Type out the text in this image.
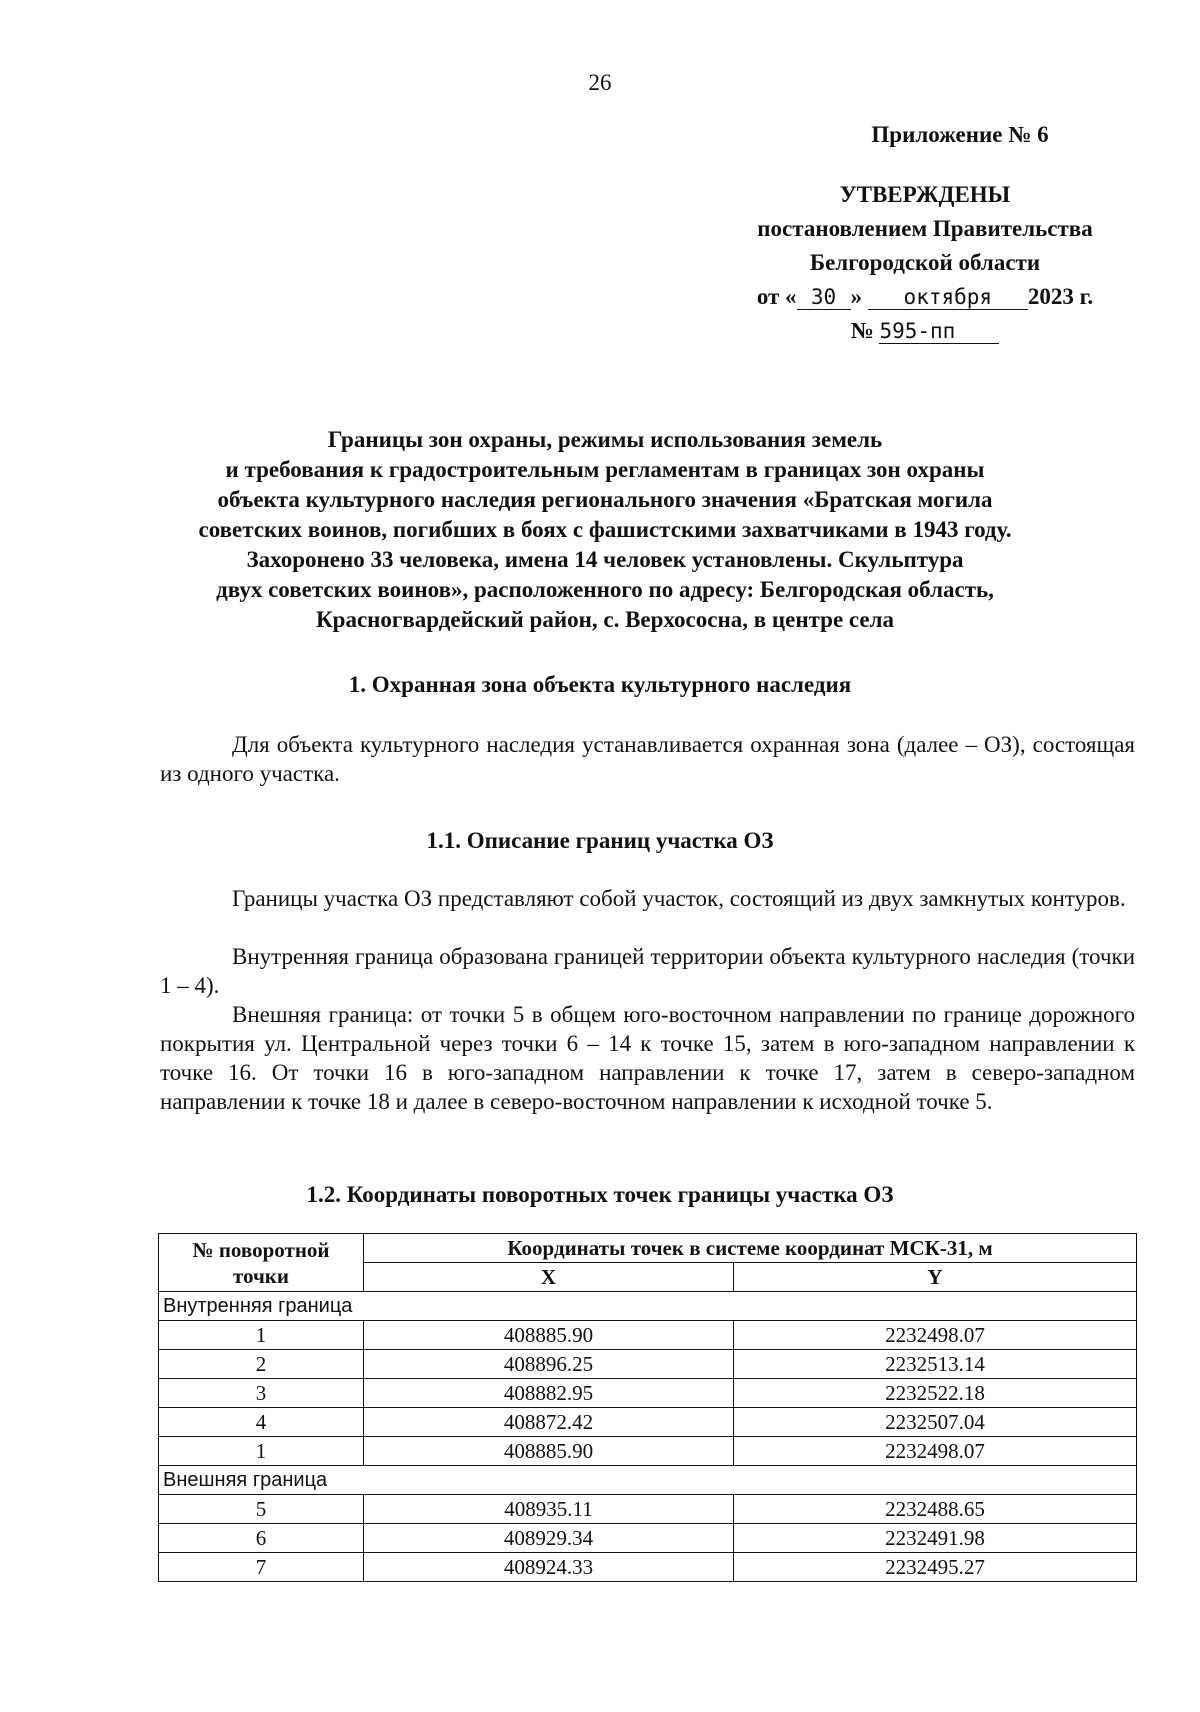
26
Приложение № 6
УТВЕРЖДЕНЫ
постановлением Правительства
Белгородской области
от « 30 » октября 2023 г.
№ 595-пп
Границы зон охраны, режимы использования земель
и требования к градостроительным регламентам в границах зон охраны
объекта культурного наследия регионального значения «Братская могила
советских воинов, погибших в боях с фашистскими захватчиками в 1943 году.
Захоронено 33 человека, имена 14 человек установлены. Скульптура
двух советских воинов», расположенного по адресу: Белгородская область,
Красногвардейский район, с. Верхососна, в центре села
1. Охранная зона объекта культурного наследия

Для объекта культурного наследия устанавливается охранная зона (далее – ОЗ), состоящая из одного участка.

1.1. Описание границ участка ОЗ

Границы участка ОЗ представляют собой участок, состоящий из двух замкнутых контуров.

Внутренняя граница образована границей территории объекта культурного наследия (точки 1 – 4).

Внешняя граница: от точки 5 в общем юго-восточном направлении по границе дорожного покрытия ул. Центральной через точки 6 – 14 к точке 15, затем в юго-западном направлении к точке 16. От точки 16 в юго-западном направлении к точке 17, затем в северо-западном направлении к точке 18 и далее в северо-восточном направлении к исходной точке 5.

1.2. Координаты поворотных точек границы участка ОЗ
№ поворотной точки	Координаты точек в системе координат МСК-31, м	
	X	Y
Внутренняя граница		
1	408885.90	2232498.07
2	408896.25	2232513.14
3	408882.95	2232522.18
4	408872.42	2232507.04
1	408885.90	2232498.07
Внешняя граница		
5	408935.11	2232488.65
6	408929.34	2232491.98
7	408924.33	2232495.27
